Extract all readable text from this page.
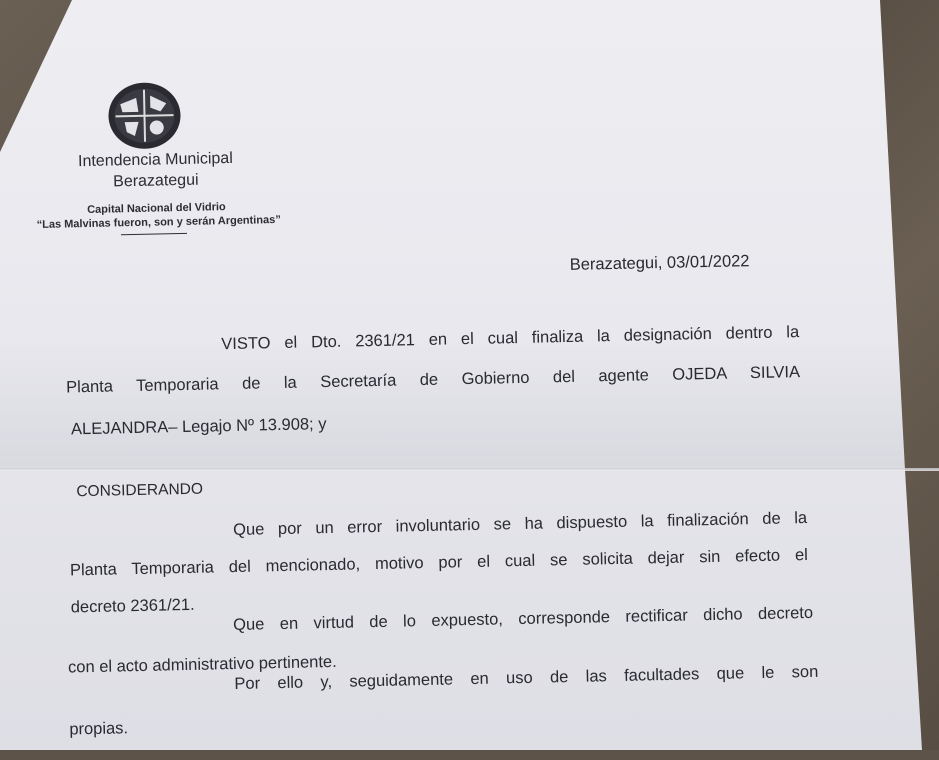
Intendencia Municipal
Berazategui
Capital Nacional del Vidrio
“Las Malvinas fueron, son y serán Argentinas”
Berazategui, 03/01/2022
VISTO el Dto. 2361/21 en el cual finaliza la designación dentro la
Planta Temporaria de la Secretaría de Gobierno del agente OJEDA SILVIA
ALEJANDRA– Legajo Nº 13.908; y
CONSIDERANDO
Que por un error involuntario se ha dispuesto la finalización de la
Planta Temporaria del mencionado, motivo por el cual se solicita dejar sin efecto el
decreto 2361/21. Que en virtud de lo expuesto, corresponde rectificar dicho decreto
con el acto administrativo pertinente.
Por ello y, seguidamente en uso de las facultades que le son
propias.
